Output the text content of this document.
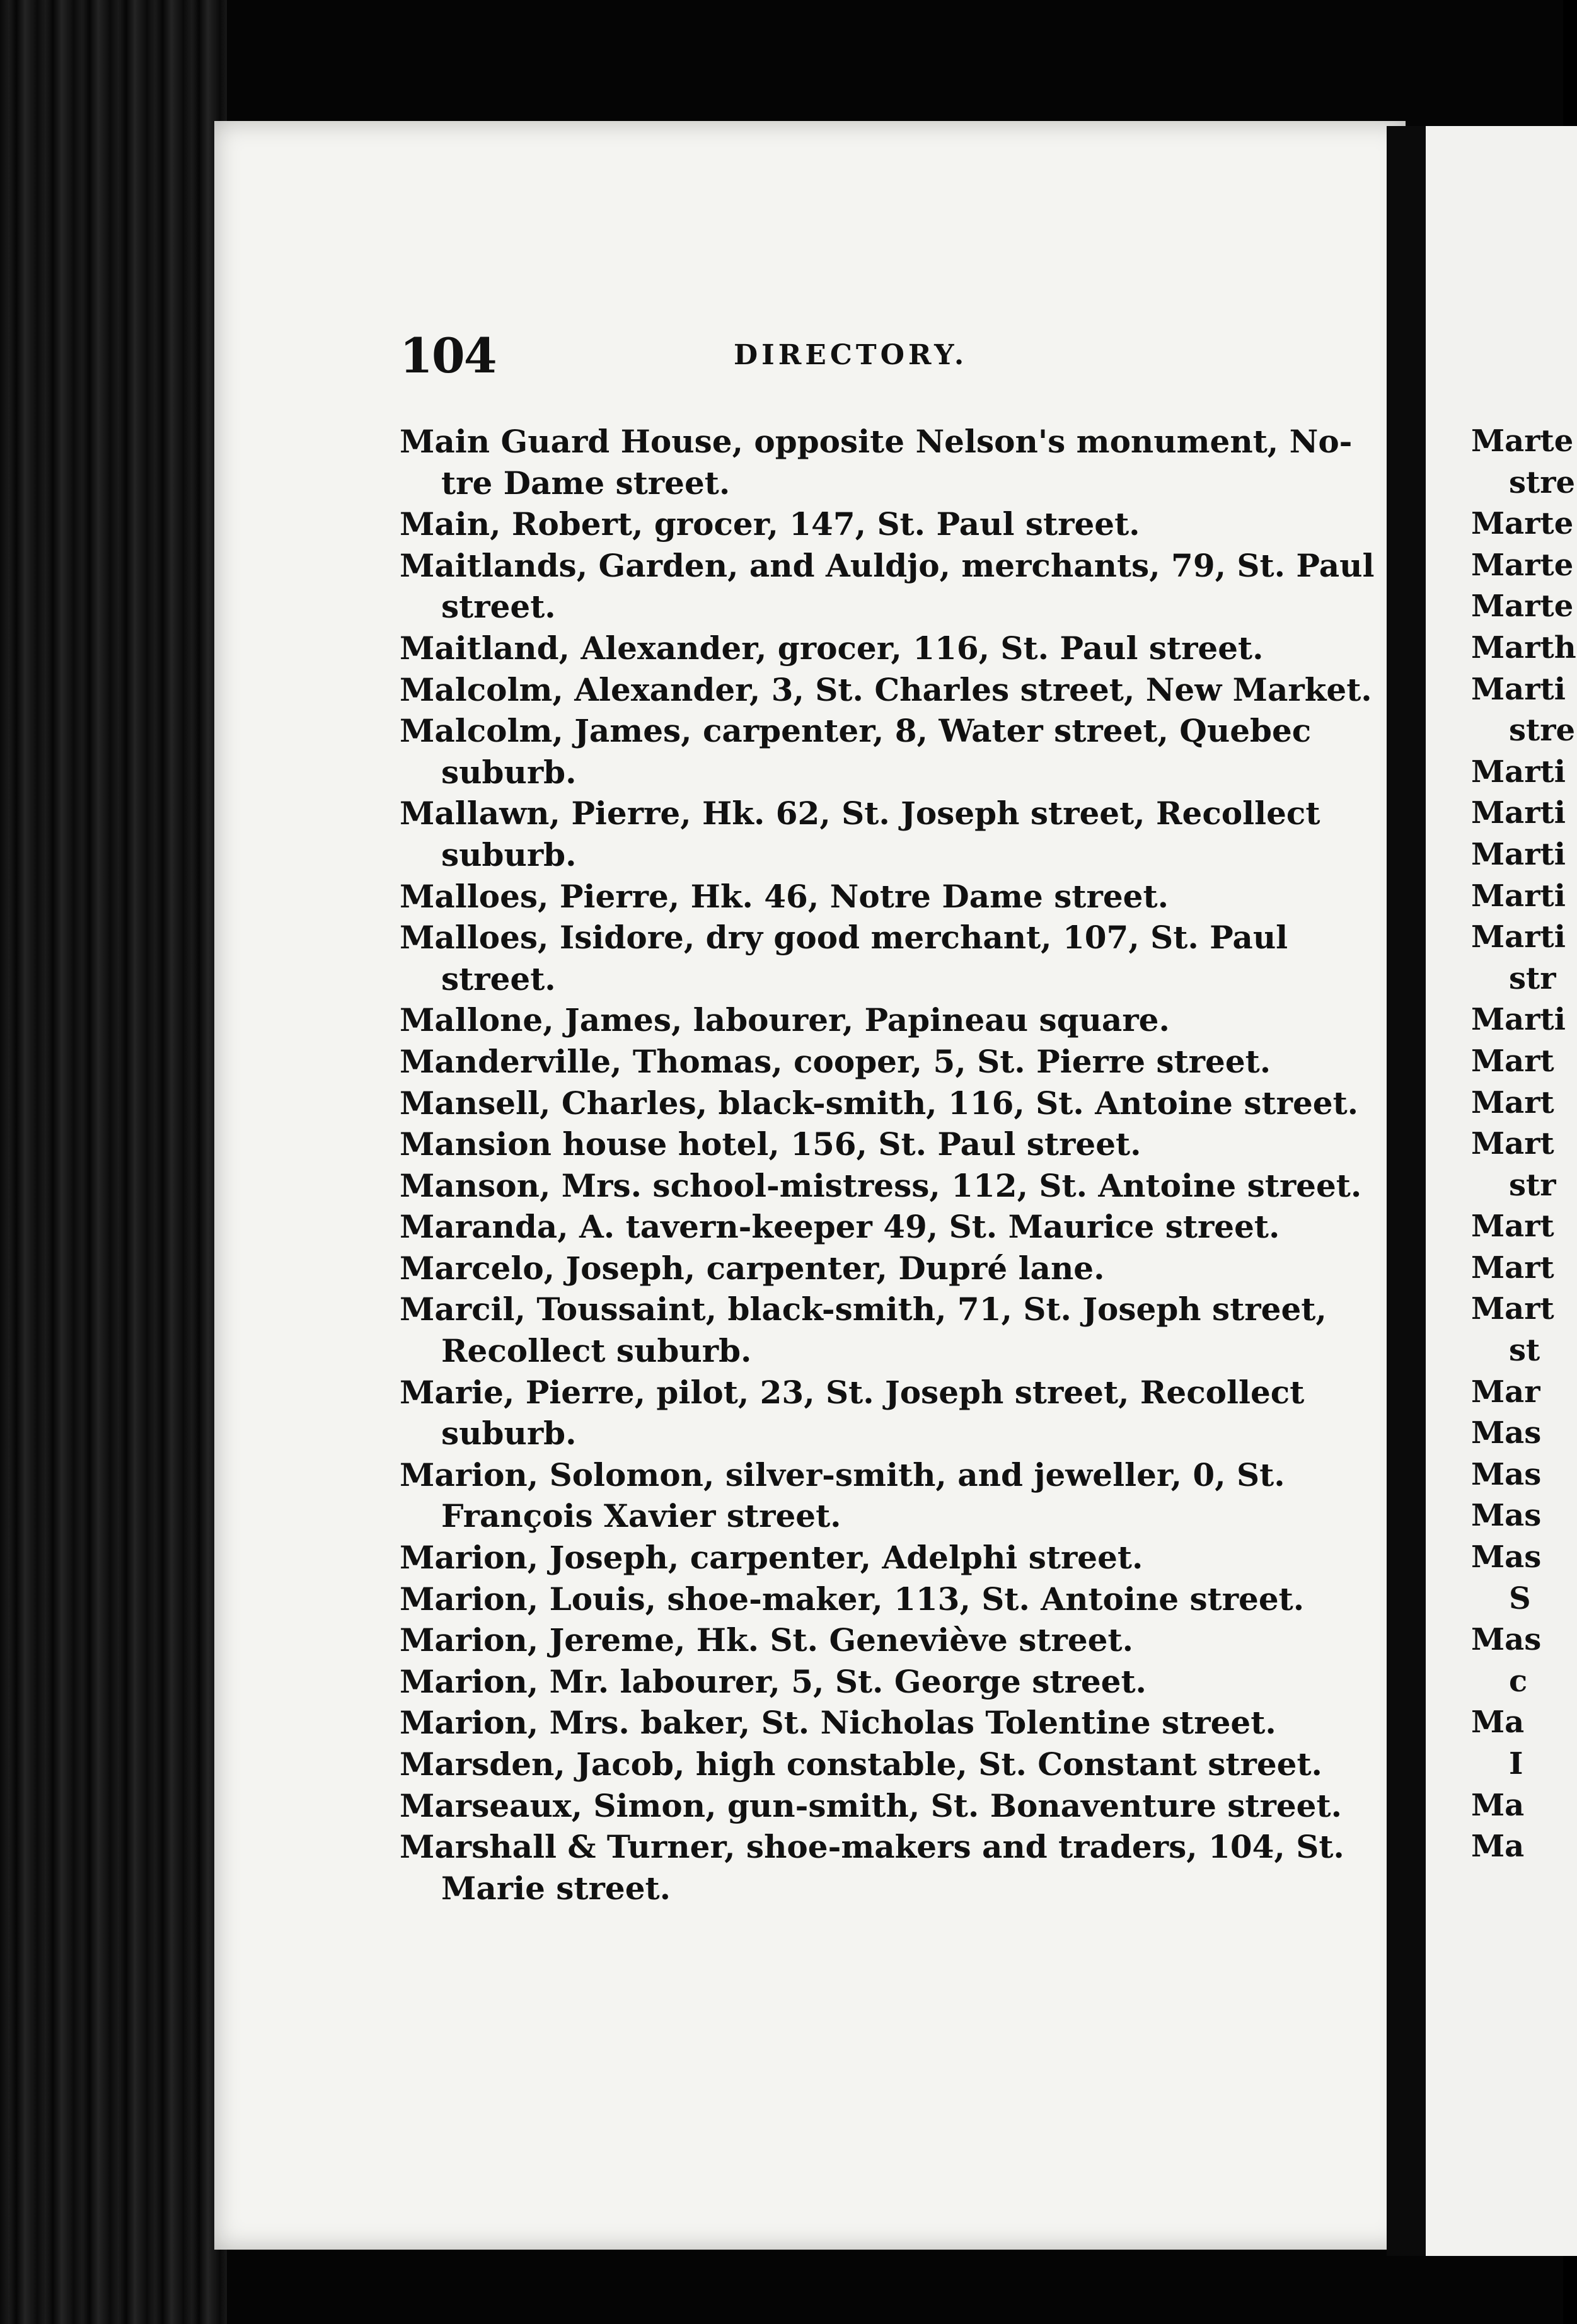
104	DIRECTORY.
Main Guard House, opposite Nelson's monument, No-
tre Dame street.
Main, Robert, grocer, 147, St. Paul street.
Maitlands, Garden, and Auldjo, merchants, 79, St. Paul
street.
Maitland, Alexander, grocer, 116, St. Paul street.
Malcolm, Alexander, 3, St. Charles street, New Market.
Malcolm, James, carpenter, 8, Water street, Quebec
suburb.
Mallawn, Pierre, Hk. 62, St. Joseph street, Recollect
suburb.
Malloes, Pierre, Hk. 46, Notre Dame street.
Malloes, Isidore, dry good merchant, 107, St. Paul
street.
Mallone, James, labourer, Papineau square.
Manderville, Thomas, cooper, 5, St. Pierre street.
Mansell, Charles, black-smith, 116, St. Antoine street.
Mansion house hotel, 156, St. Paul street.
Manson, Mrs. school-mistress, 112, St. Antoine street.
Maranda, A. tavern-keeper 49, St. Maurice street.
Marcelo, Joseph, carpenter, Dupré lane.
Marcil, Toussaint, black-smith, 71, St. Joseph street,
Recollect suburb.
Marie, Pierre, pilot, 23, St. Joseph street, Recollect
suburb.
Marion, Solomon, silver-smith, and jeweller, 0, St.
François Xavier street.
Marion, Joseph, carpenter, Adelphi street.
Marion, Louis, shoe-maker, 113, St. Antoine street.
Marion, Jereme, Hk. St. Geneviève street.
Marion, Mr. labourer, 5, St. George street.
Marion, Mrs. baker, St. Nicholas Tolentine street.
Marsden, Jacob, high constable, St. Constant street.
Marseaux, Simon, gun-smith, St. Bonaventure street.
Marshall & Turner, shoe-makers and traders, 104, St.
Marie street.
Marte
stre
Marte
Marte
Marte
Marth
Marti
stre
Marti
Marti
Marti
Marti
Marti
str
Marti
Mart
Mart
Mart
str
Mart
Mart
Mart
st
Mar
Mas
Mas
Mas
Mas
S
Mas
c
Ma
I
Ma
Ma
